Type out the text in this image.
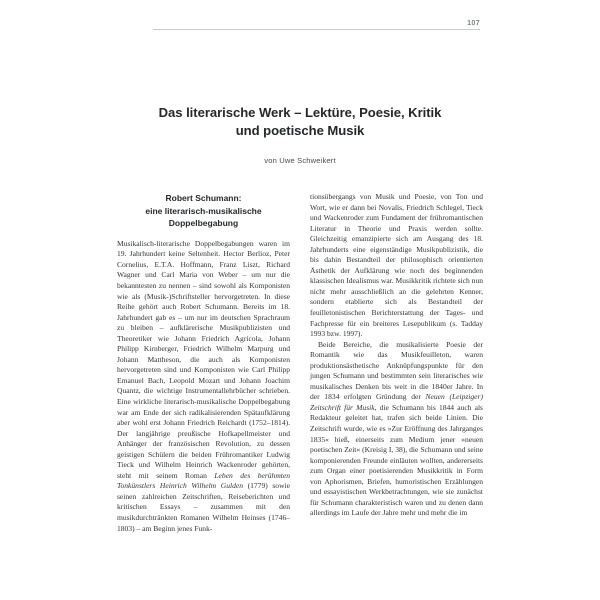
107
Das literarische Werk – Lektüre, Poesie, Kritik
und poetische Musik
von Uwe Schweikert
Robert Schumann:
eine literarisch-musikalische
Doppelbegabung

Musikalisch-literarische Doppelbegabungen waren im 19. Jahrhundert keine Seltenheit. Hector Berlioz, Peter Cornelius, E.T.A. Hoffmann, Franz Liszt, Richard Wagner und Carl Maria von Weber – um nur die bekanntesten zu nennen – sind sowohl als Komponisten wie als (Musik-)Schriftsteller hervorgetreten. In diese Reihe gehört auch Robert Schumann. Bereits im 18. Jahrhundert gab es – um nur im deutschen Sprachraum zu bleiben – aufklärerische Musikpublizisten und Theoretiker wie Johann Friedrich Agricola, Johann Philipp Kirnberger, Friedrich Wilhelm Marpurg und Johann Mattheson, die auch als Komponisten hervorgetreten sind und Komponisten wie Carl Philipp Emanuel Bach, Leopold Mozart und Johann Joachim Quantz, die wichtige Instrumentallehrbücher schrieben. Eine wirkliche literarisch-musikalische Doppelbegabung war am Ende der sich radikalisierenden Spätaufklärung aber wohl erst Johann Friedrich Reichardt (1752–1814). Der langjährige preußische Hofkapellmeister und Anhänger der französischen Revolution, zu dessen geistigen Schülern die beiden Frühromantiker Ludwig Tieck und Wilhelm Heinrich Wackenroder gehörten, steht mit seinem Roman Leben des berühmten Tonkünstlers Heinrich Wilhelm Gulden (1779) sowie seinen zahlreichen Zeitschriften, Reiseberichten und kritischen Essays – zusammen mit den musikdurchtränkten Romanen Wilhelm Heinses (1746–1803) – am Beginn jenes Funk-

tionsübergangs von Musik und Poesie, von Ton und Wort, wie er dann bei Novalis, Friedrich Schlegel, Tieck und Wackenroder zum Fundament der frühromantischen Literatur in Theorie und Praxis werden sollte. Gleichzeitig emanzipierte sich am Ausgang des 18. Jahrhunderts eine eigenständige Musikpublizistik, die bis dahin Bestandteil der philosophisch orientierten Ästhetik der Aufklärung wie noch des beginnenden klassischen Idealismus war. Musikkritik richtete sich nun nicht mehr ausschließlich an die gelehrten Kenner, sondern etablierte sich als Bestandteil der feuilletonistischen Berichterstattung der Tages- und Fachpresse für ein breiteres Lesepublikum (s. Tadday 1993 bzw. 1997).

Beide Bereiche, die musikalisierte Poesie der Romantik wie das Musikfeuilleton, waren produktionsästhetische Anknüpfungspunkte für den jungen Schumann und bestimmten sein literarisches wie musikalisches Denken bis weit in die 1840er Jahre. In der 1834 erfolgten Gründung der Neuen (Leipziger) Zeitschrift für Musik, die Schumann bis 1844 auch als Redakteur geleitet hat, trafen sich beide Linien. Die Zeitschrift wurde, wie es »Zur Eröffnung des Jahrganges 1835« hieß, einerseits zum Medium jener »neuen poetischen Zeit« (Kreisig I, 38), die Schumann und seine komponierenden Freunde einläuten wollten, andererseits zum Organ einer poetisierenden Musikkritik in Form von Aphorismen, Briefen, humoristischen Erzählungen und essayistischen Werkbetrachtungen, wie sie zunächst für Schumann charakteristisch waren und zu denen dann allerdings im Laufe der Jahre mehr und mehr die im
